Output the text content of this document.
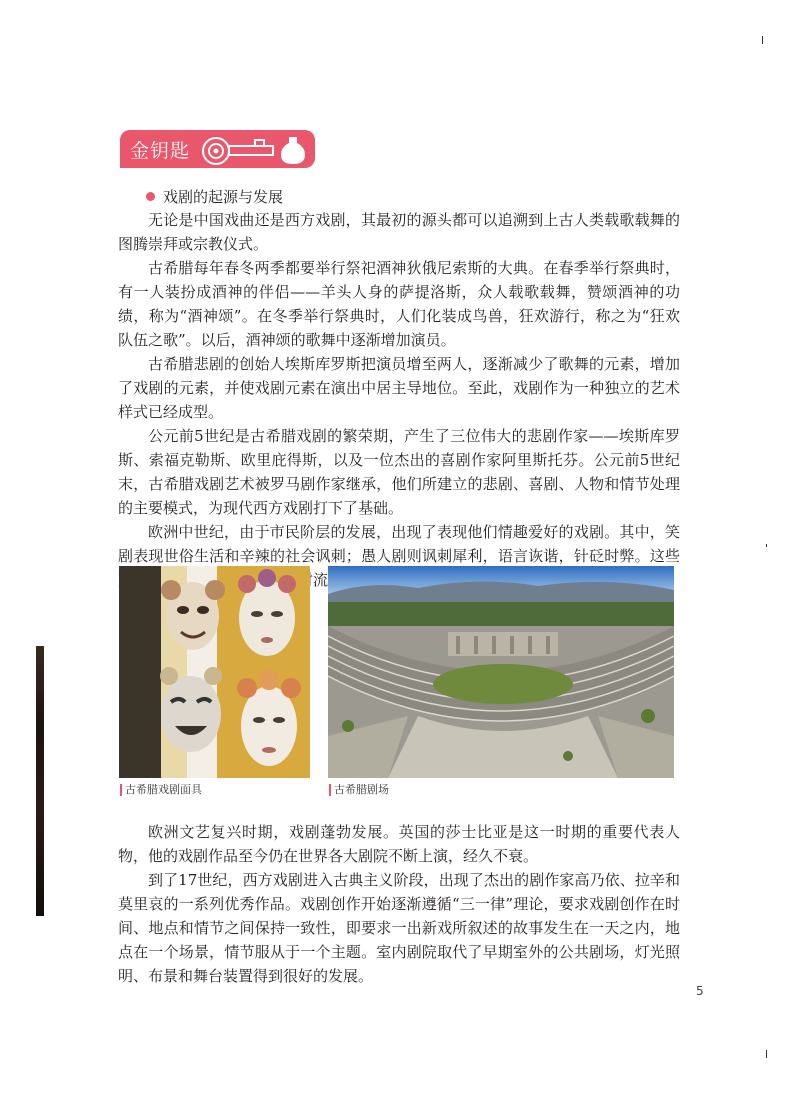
金钥匙
戏剧的起源与发展

无论是中国戏曲还是西方戏剧，其最初的源头都可以追溯到上古人类载歌载舞的图腾崇拜或宗教仪式。

古希腊每年春冬两季都要举行祭祀酒神狄俄尼索斯的大典。在春季举行祭典时，有一人装扮成酒神的伴侣——羊头人身的萨提洛斯，众人载歌载舞，赞颂酒神的功绩，称为“酒神颂”。在冬季举行祭典时，人们化装成鸟兽，狂欢游行，称之为“狂欢队伍之歌”。以后，酒神颂的歌舞中逐渐增加演员。

古希腊悲剧的创始人埃斯库罗斯把演员增至两人，逐渐减少了歌舞的元素，增加了戏剧的元素，并使戏剧元素在演出中居主导地位。至此，戏剧作为一种独立的艺术样式已经成型。

公元前5世纪是古希腊戏剧的繁荣期，产生了三位伟大的悲剧作家——埃斯库罗斯、索福克勒斯、欧里庇得斯，以及一位杰出的喜剧作家阿里斯托芬。公元前5世纪末，古希腊戏剧艺术被罗马剧作家继承，他们所建立的悲剧、喜剧、人物和情节处理的主要模式，为现代西方戏剧打下了基础。

欧洲中世纪，由于市民阶层的发展，出现了表现他们情趣爱好的戏剧。其中，笑剧表现世俗生活和辛辣的社会讽刺；愚人剧则讽刺犀利，语言诙谐，针砭时弊。这些 而来，从乡村流入城市，形成

古希腊戏剧面具	古希腊剧场

欧洲文艺复兴时期，戏剧蓬勃发展。英国的莎士比亚是这一时期的重要代表人物，他的戏剧作品至今仍在世界各大剧院不断上演，经久不衰。

到了17世纪，西方戏剧进入古典主义阶段，出现了杰出的剧作家高乃依、拉辛和莫里哀的一系列优秀作品。戏剧创作开始逐渐遵循“三一律”理论，要求戏剧创作在时间、地点和情节之间保持一致性，即要求一出新戏所叙述的故事发生在一天之内，地点在一个场景，情节服从于一个主题。室内剧院取代了早期室外的公共剧场，灯光照明、布景和舞台装置得到很好的发展。

5
